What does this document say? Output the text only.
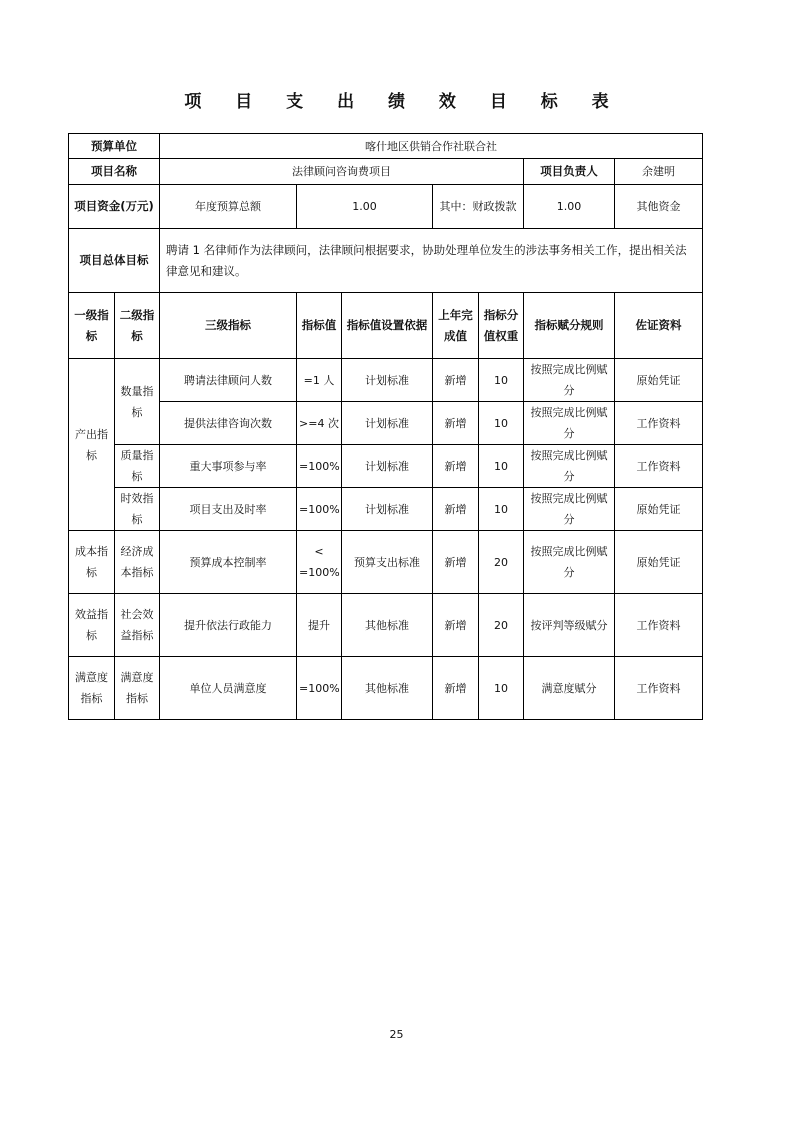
项 目 支 出 绩 效 目 标 表
预算单位		喀什地区供销合作社联合社						
项目名称		法律顾问咨询费项目					项目负责人	余建明
项目资金(万元)		年度预算总额	1.00		其中：财政拨款		1.00	其他资金
项目总体目标		聘请 1 名律师作为法律顾问，法律顾问根据要求，协助处理单位发生的涉法事务相关工作，提出相关法律意见和建议。						
一级指标	二级指标	三级指标	指标值	指标值设置依据	上年完成值	指标分值权重	指标赋分规则	佐证资料
产出指标	数量指标	聘请法律顾问人数	=1 人	计划标准	新增	10	按照完成比例赋分	原始凭证
		提供法律咨询次数	>=4 次	计划标准	新增	10	按照完成比例赋分	工作资料
	质量指标	重大事项参与率	=100%	计划标准	新增	10	按照完成比例赋分	工作资料
	时效指标	项目支出及时率	=100%	计划标准	新增	10	按照完成比例赋分	原始凭证
成本指标	经济成本指标	预算成本控制率	< =100%	预算支出标准	新增	20	按照完成比例赋分	原始凭证
效益指标	社会效益指标	提升依法行政能力	提升	其他标准	新增	20	按评判等级赋分	工作资料
满意度指标	满意度指标	单位人员满意度	=100%	其他标准	新增	10	满意度赋分	工作资料
25
